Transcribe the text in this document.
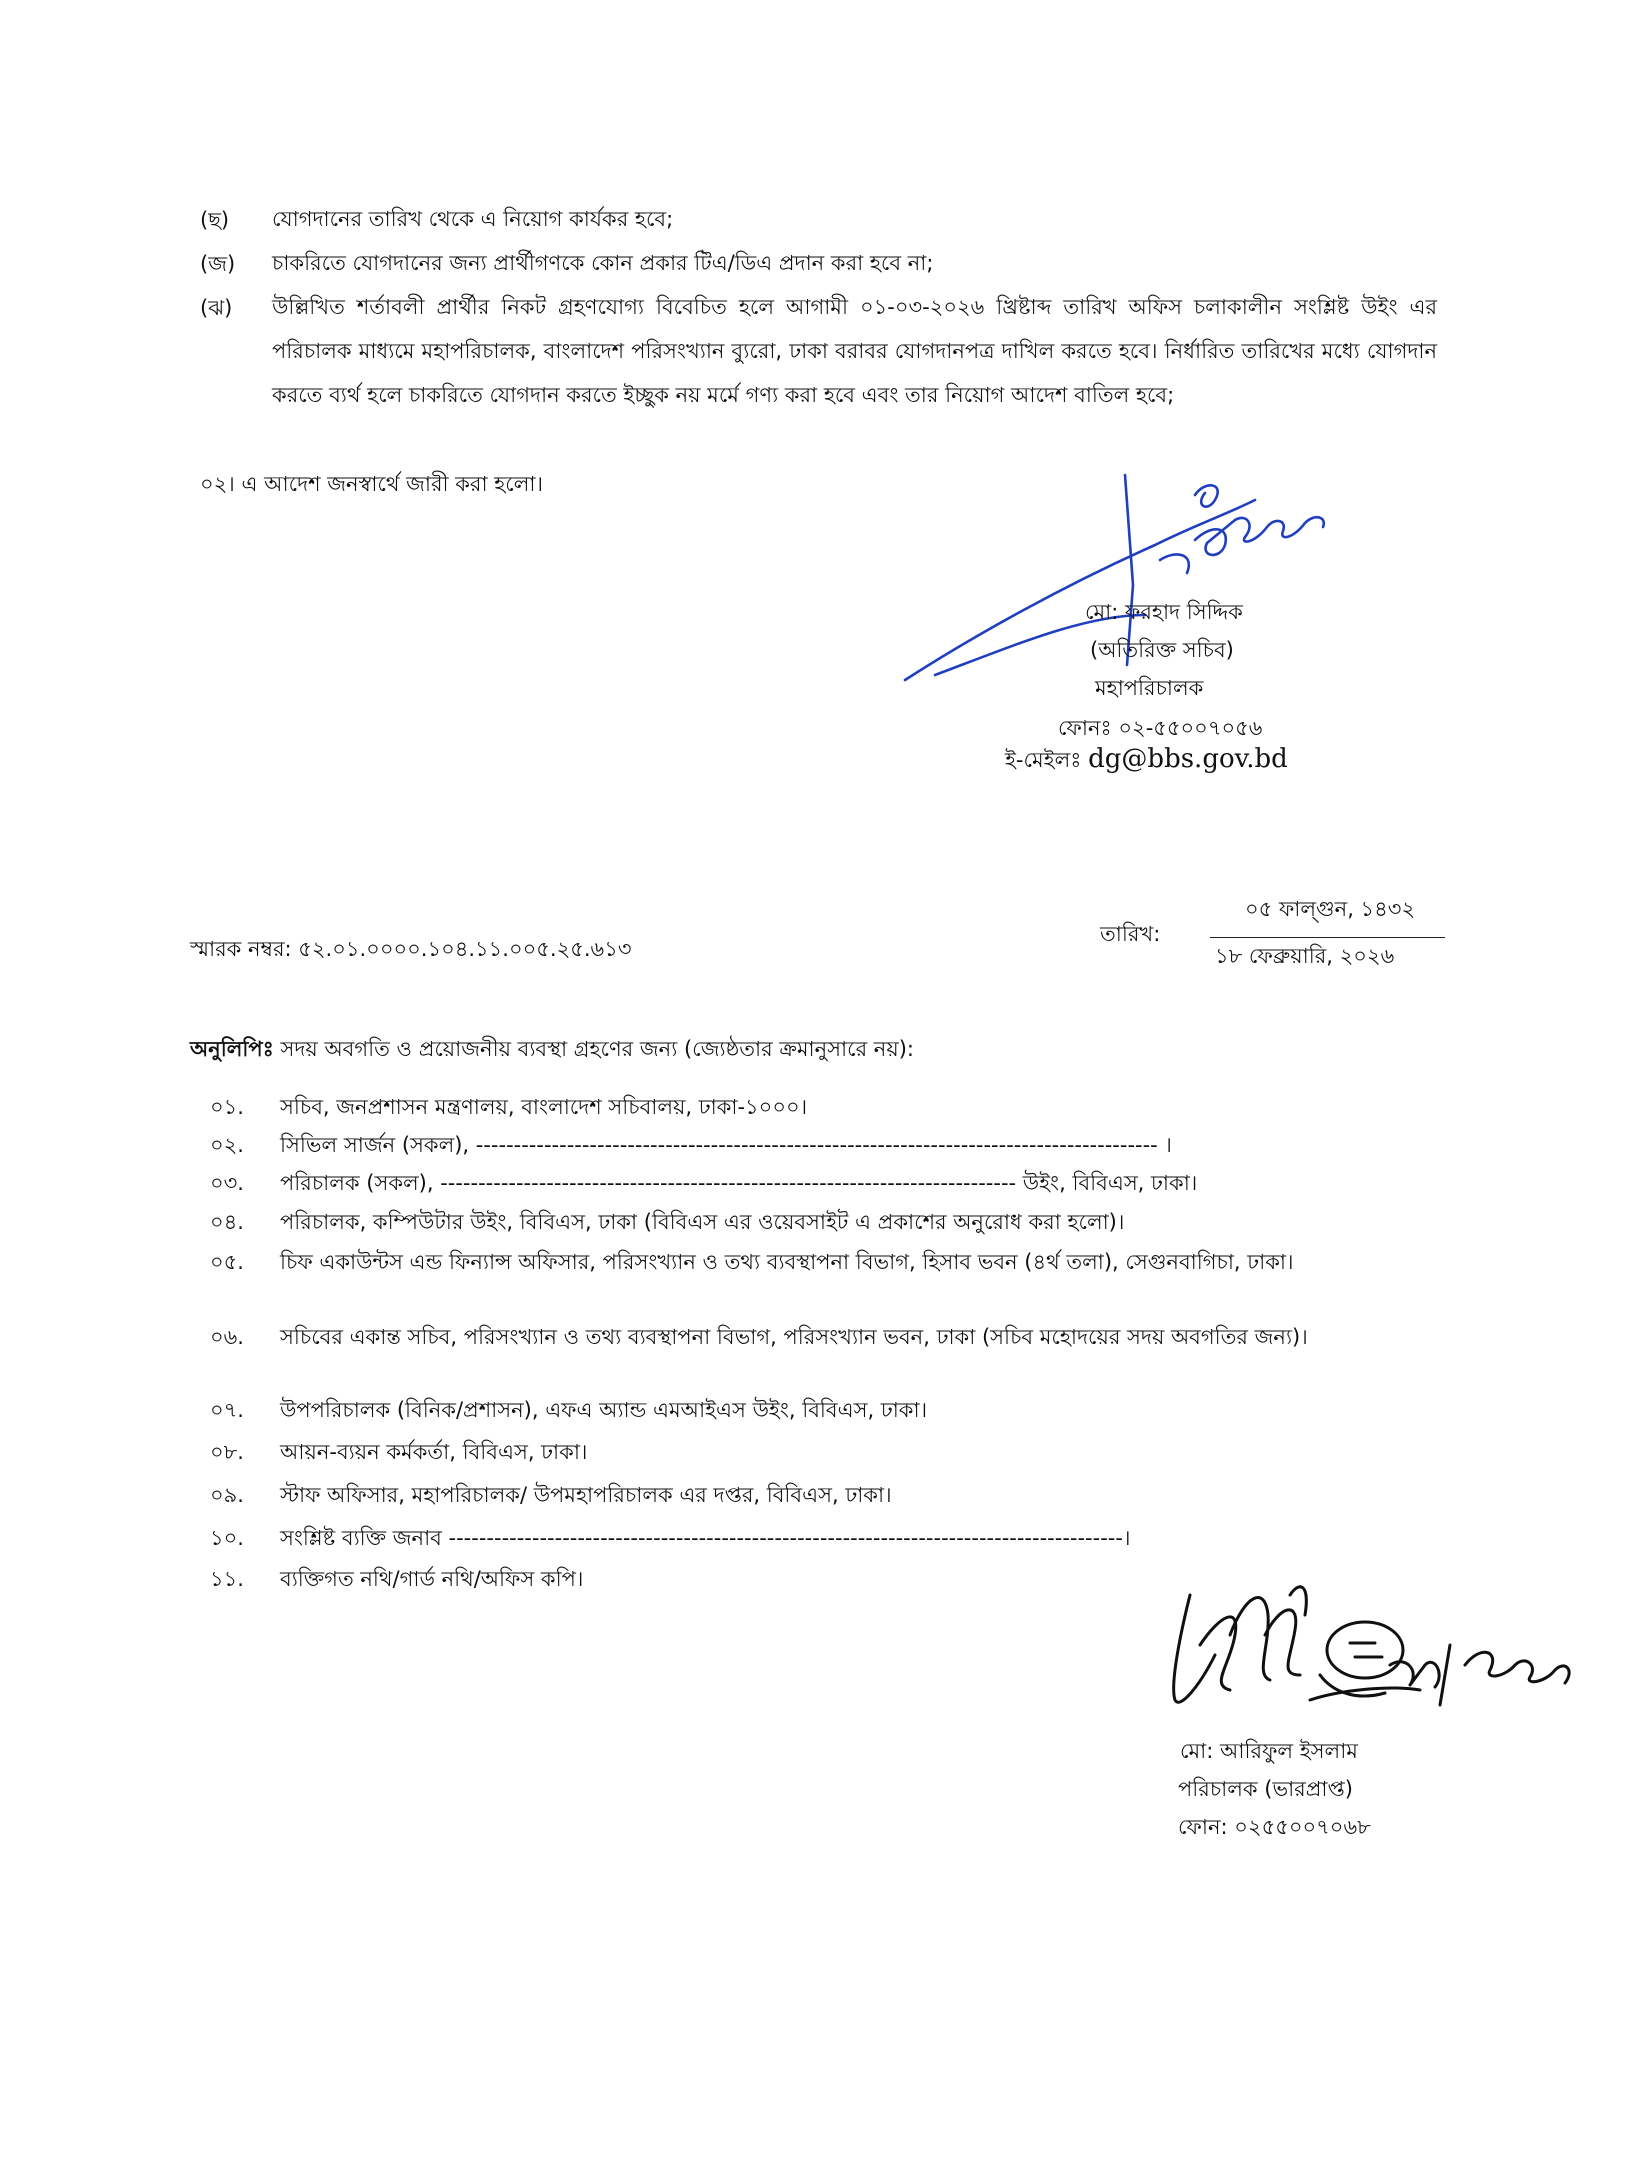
(ছ)	যোগদানের তারিখ থেকে এ নিয়োগ কার্যকর হবে;
(জ)	চাকরিতে যোগদানের জন্য প্রার্থীগণকে কোন প্রকার টিএ/ডিএ প্রদান করা হবে না;
(ঝ)	উল্লিখিত শর্তাবলী প্রার্থীর নিকট গ্রহণযোগ্য বিবেচিত হলে আগামী ০১-০৩-২০২৬ খ্রিষ্টাব্দ তারিখ অফিস চলাকালীন সংশ্লিষ্ট উইং এর পরিচালক মাধ্যমে মহাপরিচালক, বাংলাদেশ পরিসংখ্যান ব্যুরো, ঢাকা বরাবর যোগদানপত্র দাখিল করতে হবে। নির্ধারিত তারিখের মধ্যে যোগদান করতে ব্যর্থ হলে চাকরিতে যোগদান করতে ইচ্ছুক নয় মর্মে গণ্য করা হবে এবং তার নিয়োগ আদেশ বাতিল হবে;
০২। এ আদেশ জনস্বার্থে জারী করা হলো।
মো: ফরহাদ সিদ্দিক
(অতিরিক্ত সচিব)
মহাপরিচালক
ফোনঃ ০২-৫৫০০৭০৫৬
ই-মেইলঃ dg@bbs.gov.bd
স্মারক নম্বর: ৫২.০১.০০০০.১০৪.১১.০০৫.২৫.৬১৩
তারিখ:
০৫ ফাল্গুন, ১৪৩২
১৮ ফেব্রুয়ারি, ২০২৬
অনুলিপিঃ সদয় অবগতি ও প্রয়োজনীয় ব্যবস্থা গ্রহণের জন্য (জ্যেষ্ঠতার ক্রমানুসারে নয়):
০১.	সচিব, জনপ্রশাসন মন্ত্রণালয়, বাংলাদেশ সচিবালয়, ঢাকা-১০০০।
০২.	সিভিল সার্জন (সকল), ------------------------------------------------------------------------------------------ ।
০৩.	পরিচালক (সকল), ---------------------------------------------------------------------------- উইং, বিবিএস, ঢাকা।
০৪.	পরিচালক, কম্পিউটার উইং, বিবিএস, ঢাকা (বিবিএস এর ওয়েবসাইট এ প্রকাশের অনুরোধ করা হলো)।
০৫.	চিফ একাউন্টস এন্ড ফিন্যান্স অফিসার, পরিসংখ্যান ও তথ্য ব্যবস্থাপনা বিভাগ, হিসাব ভবন (৪র্থ তলা), সেগুনবাগিচা, ঢাকা।
০৬.	সচিবের একান্ত সচিব, পরিসংখ্যান ও তথ্য ব্যবস্থাপনা বিভাগ, পরিসংখ্যান ভবন, ঢাকা (সচিব মহোদয়ের সদয় অবগতির জন্য)।
০৭.	উপপরিচালক (বিনিক/প্রশাসন), এফএ অ্যান্ড এমআইএস উইং, বিবিএস, ঢাকা।
০৮.	আয়ন-ব্যয়ন কর্মকর্তা, বিবিএস, ঢাকা।
০৯.	স্টাফ অফিসার, মহাপরিচালক/ উপমহাপরিচালক এর দপ্তর, বিবিএস, ঢাকা।
১০.	সংশ্লিষ্ট ব্যক্তি জনাব -----------------------------------------------------------------------------------------।
১১.	ব্যক্তিগত নথি/গার্ড নথি/অফিস কপি।
মো: আরিফুল ইসলাম
পরিচালক (ভারপ্রাপ্ত)
ফোন: ০২৫৫০০৭০৬৮
